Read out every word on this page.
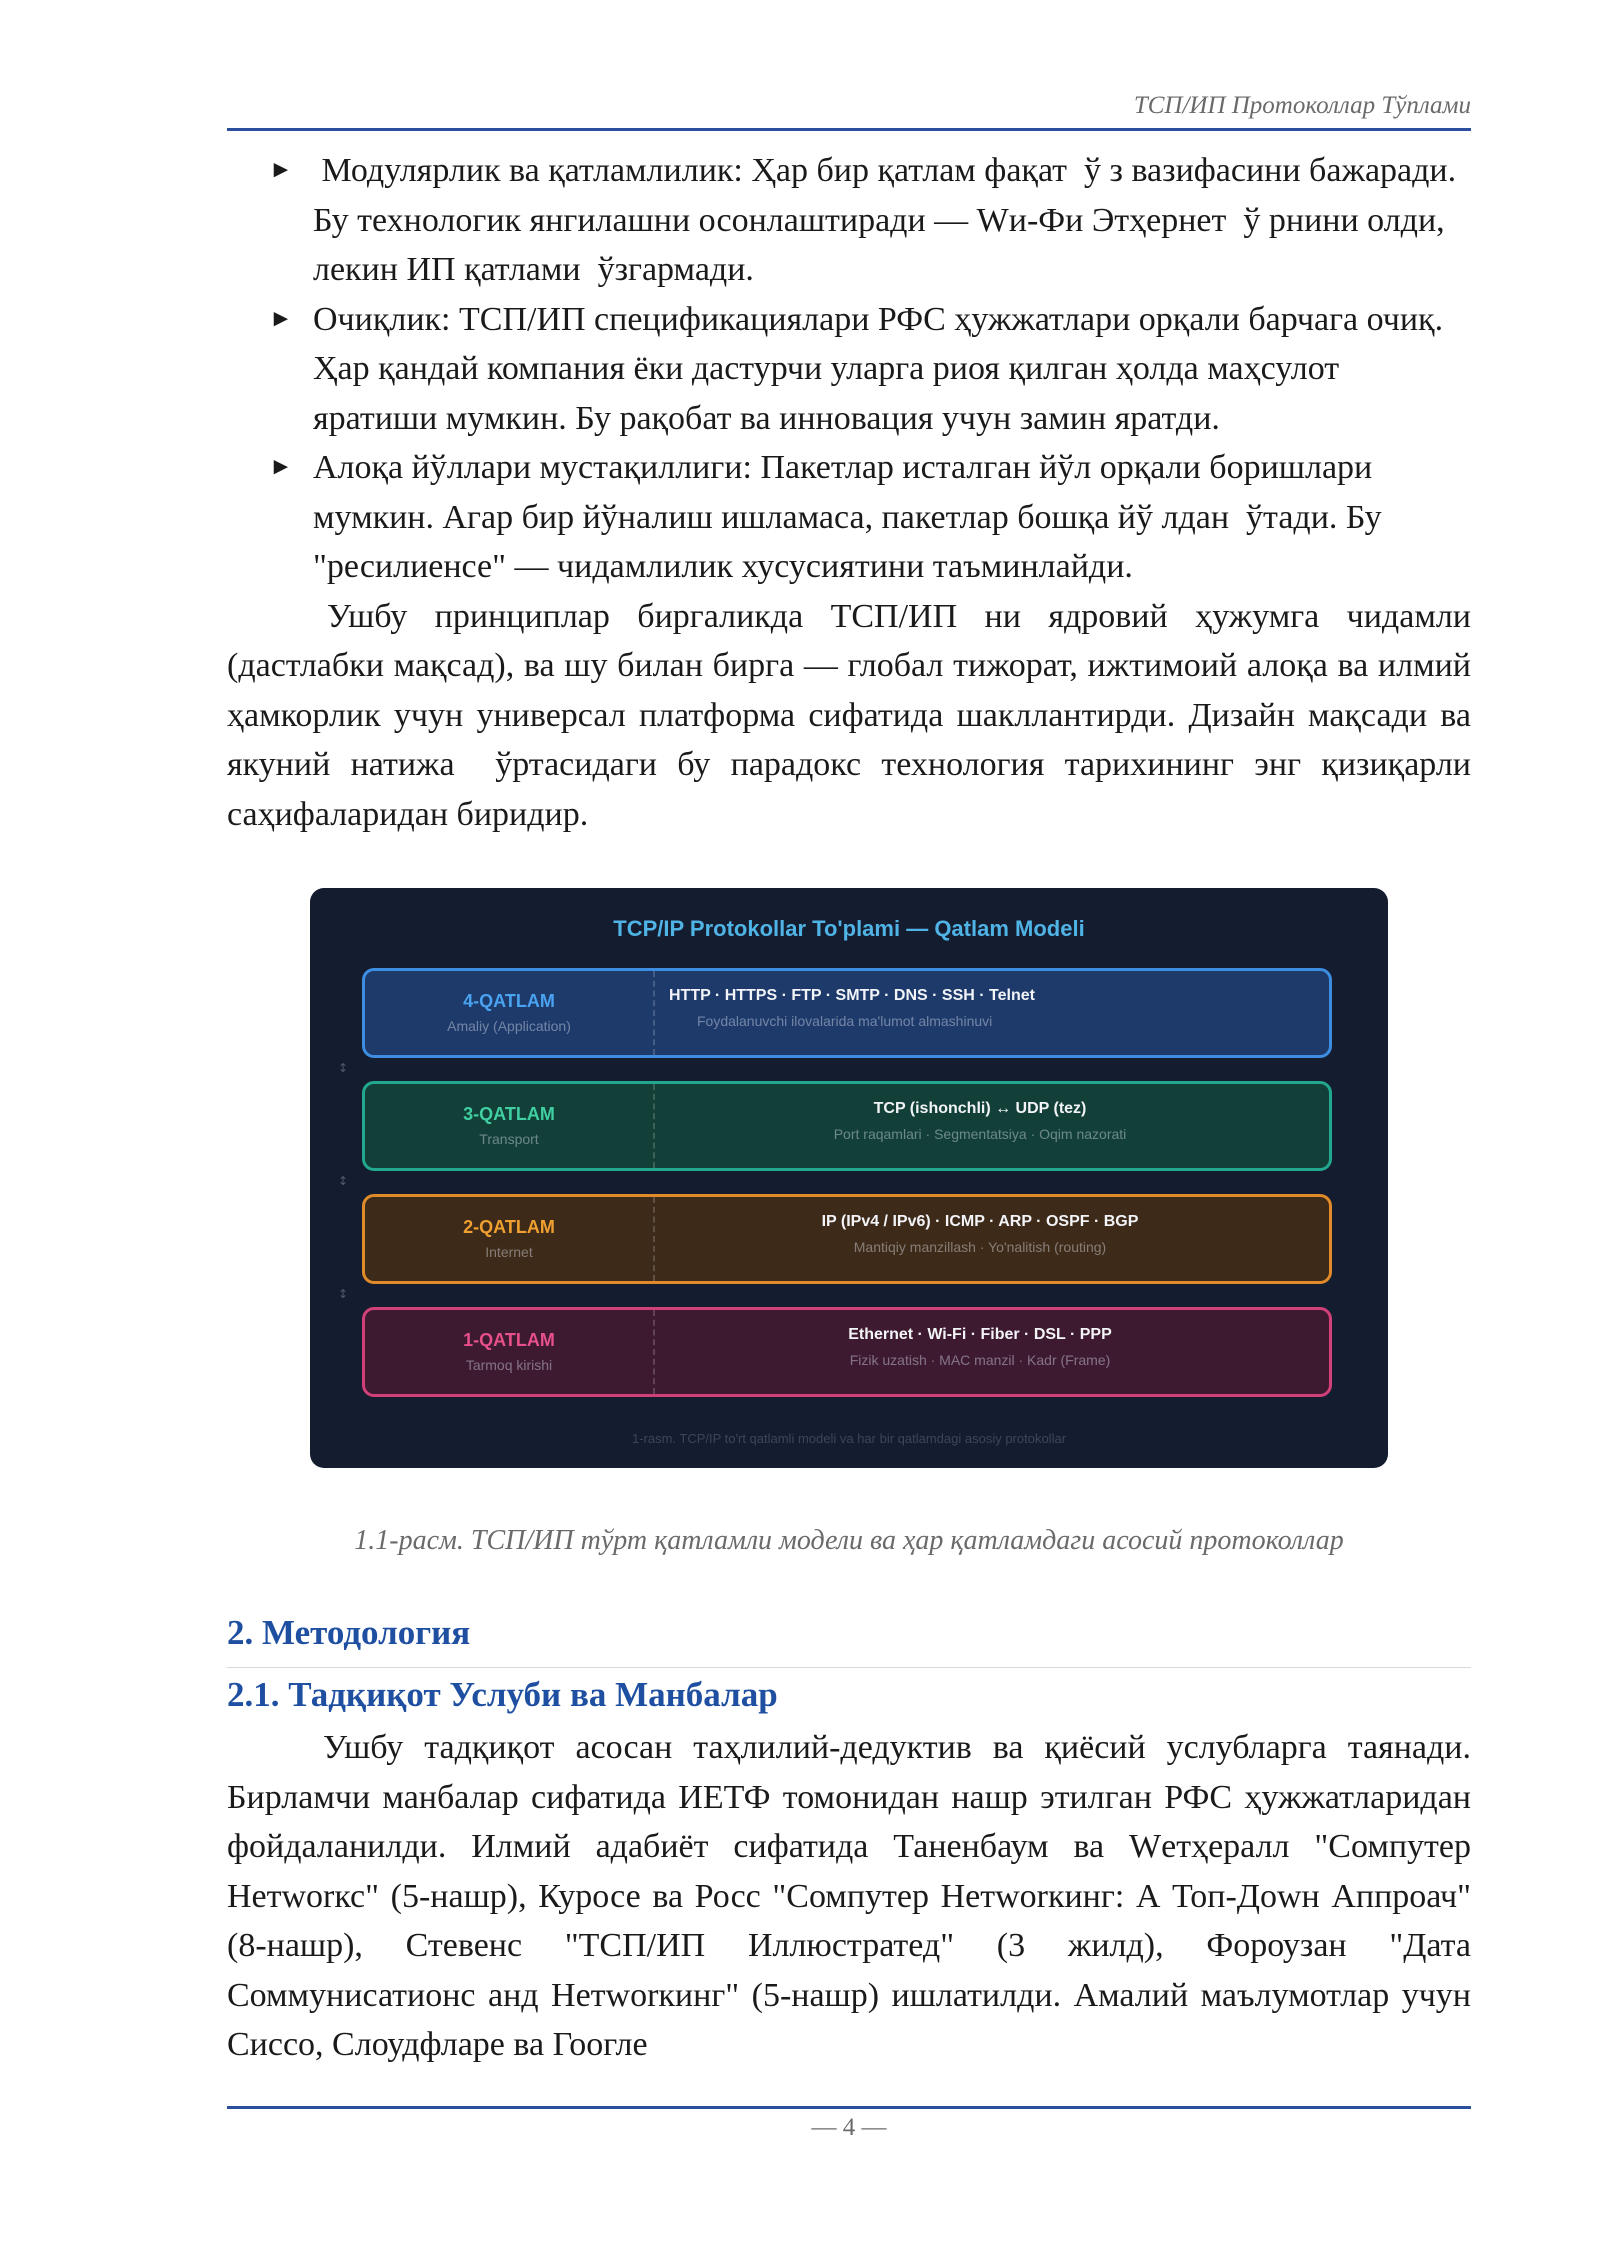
ТСП/ИП Протоколлар Тўплами
► Модулярлик ва қатламлилик: Ҳар бир қатлам фақат  ў з вазифасини бажаради. Бу технологик янгилашни осонлаштиради — Wи-Фи Этҳернет  ў рнини олди, лекин ИП қатлами  ўзгармади.
► Очиқлик: ТСП/ИП спецификациялари РФС ҳужжатлари орқали барчага очиқ. Ҳар қандай компания ёки дастурчи уларга риоя қилган ҳолда маҳсулот яратиши мумкин. Бу рақобат ва инновация учун замин яратди.
► Алоқа йўллари мустақиллиги: Пакетлар исталган йўл орқали боришлари мумкин. Агар бир йўналиш ишламаса, пакетлар бошқа йў лдан  ўтади. Бу "ресилиенсе" — чидамлилик хусусиятини таъминлайди.

Ушбу принциплар биргаликда ТСП/ИП ни ядровий ҳужумга чидамли (дастлабки мақсад), ва шу билан бирга — глобал тижорат, ижтимоий алоқа ва илмий ҳамкорлик учун универсал платформа сифатида шакллантирди. Дизайн мақсади ва якуний натижа  ўртасидаги бу парадокс технология тарихининг энг қизиқарли саҳифаларидан биридир.

TCP/IP Protokollar To'plami — Qatlam Modeli
↕
↕
↕
4-QATLAM
Amaliy (Application)
HTTP · HTTPS · FTP · SMTP · DNS · SSH · Telnet
Foydalanuvchi ilovalarida ma'lumot almashinuvi
3-QATLAM
Transport
TCP (ishonchli) ↔ UDP (tez)
Port raqamlari · Segmentatsiya · Oqim nazorati
2-QATLAM
Internet
IP (IPv4 / IPv6) · ICMP · ARP · OSPF · BGP
Mantiqiy manzillash · Yo'nalitish (routing)
1-QATLAM
Tarmoq kirishi
Ethernet · Wi-Fi · Fiber · DSL · PPP
Fizik uzatish · MAC manzil · Kadr (Frame)
1-rasm. TCP/IP to'rt qatlamli modeli va har bir qatlamdagi asosiy protokollar
1.1-расм. ТСП/ИП тўрт қатламли модели ва ҳар қатламдаги асосий протоколлар
2. Методология
2.1. Тадқиқот Услуби ва Манбалар

Ушбу тадқиқот асосан таҳлилий-дедуктив ва қиёсий услубларга таянади. Бирламчи манбалар сифатида ИЕТФ томонидан нашр этилган РФС ҳужжатларидан фойдаланилди. Илмий адабиёт сифатида Таненбаум ва Wетҳералл "Сомпутер Нетworкс" (5-нашр), Куросе ва Росс "Сомпутер Нетworкинг: А Топ-Доwн Аппроач" (8-нашр), Стевенс "ТСП/ИП Иллюстратед" (3 жилд), Фороузан "Дата Соммунисатионс анд Нетworкинг" (5-нашр) ишлатилди. Амалий маълумотлар учун Сиссо, Слоудфларе ва Гоогле

— 4 —
